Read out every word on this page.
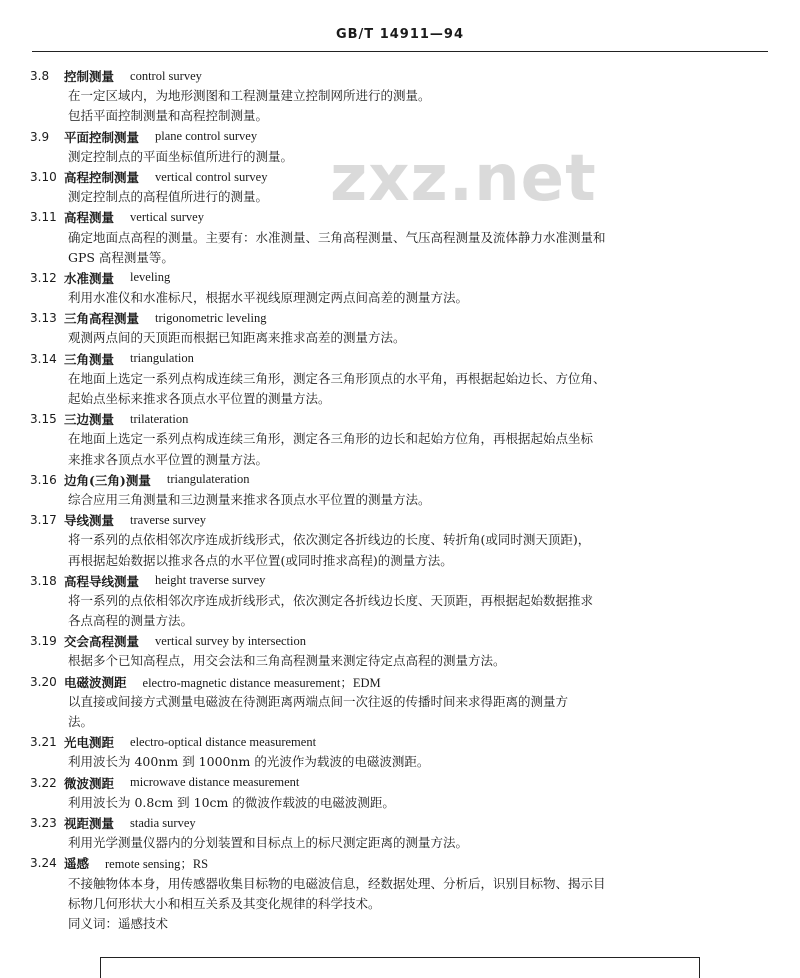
GB/T 14911—94
zxz.net
3.8	控制测量 control survey
在一定区域内，为地形测图和工程测量建立控制网所进行的测量。
包括平面控制测量和高程控制测量。
3.9	平面控制测量 plane control survey
测定控制点的平面坐标值所进行的测量。
3.10 高程控制测量 vertical control survey
测定控制点的高程值所进行的测量。
3.11 高程测量 vertical survey
确定地面点高程的测量。主要有：水准测量、三角高程测量、气压高程测量及流体静力水准测量和
GPS 高程测量等。
3.12 水准测量 leveling
利用水准仪和水准标尺，根据水平视线原理测定两点间高差的测量方法。
3.13 三角高程测量 trigonometric leveling
观测两点间的天顶距而根据已知距离来推求高差的测量方法。
3.14 三角测量 triangulation
在地面上选定一系列点构成连续三角形，测定各三角形顶点的水平角，再根据起始边长、方位角、
起始点坐标来推求各顶点水平位置的测量方法。
3.15 三边测量 trilateration
在地面上选定一系列点构成连续三角形，测定各三角形的边长和起始方位角，再根据起始点坐标
来推求各顶点水平位置的测量方法。
3.16 边角(三角)测量 triangulateration
综合应用三角测量和三边测量来推求各顶点水平位置的测量方法。
3.17 导线测量 traverse survey
将一系列的点依相邻次序连成折线形式，依次测定各折线边的长度、转折角(或同时测天顶距)，
再根据起始数据以推求各点的水平位置(或同时推求高程)的测量方法。
3.18 高程导线测量 height traverse survey
将一系列的点依相邻次序连成折线形式，依次测定各折线边长度、天顶距，再根据起始数据推求
各点高程的测量方法。
3.19 交会高程测量 vertical survey by intersection
根据多个已知高程点，用交会法和三角高程测量来测定待定点高程的测量方法。
3.20 电磁波测距 electro-magnetic distance measurement；EDM
以直接或间接方式测量电磁波在待测距离两端点间一次往返的传播时间来求得距离的测量方
法。
3.21 光电测距 electro-optical distance measurement
利用波长为 400nm 到 1000nm 的光波作为载波的电磁波测距。
3.22 微波测距 microwave distance measurement
利用波长为 0.8cm 到 10cm 的微波作载波的电磁波测距。
3.23 视距测量 stadia survey
利用光学测量仪器内的分划装置和目标点上的标尺测定距离的测量方法。
3.24 遥感 remote sensing；RS
不接触物体本身，用传感器收集目标物的电磁波信息，经数据处理、分析后，识别目标物、揭示目
标物几何形状大小和相互关系及其变化规律的科学技术。
同义词：遥感技术
